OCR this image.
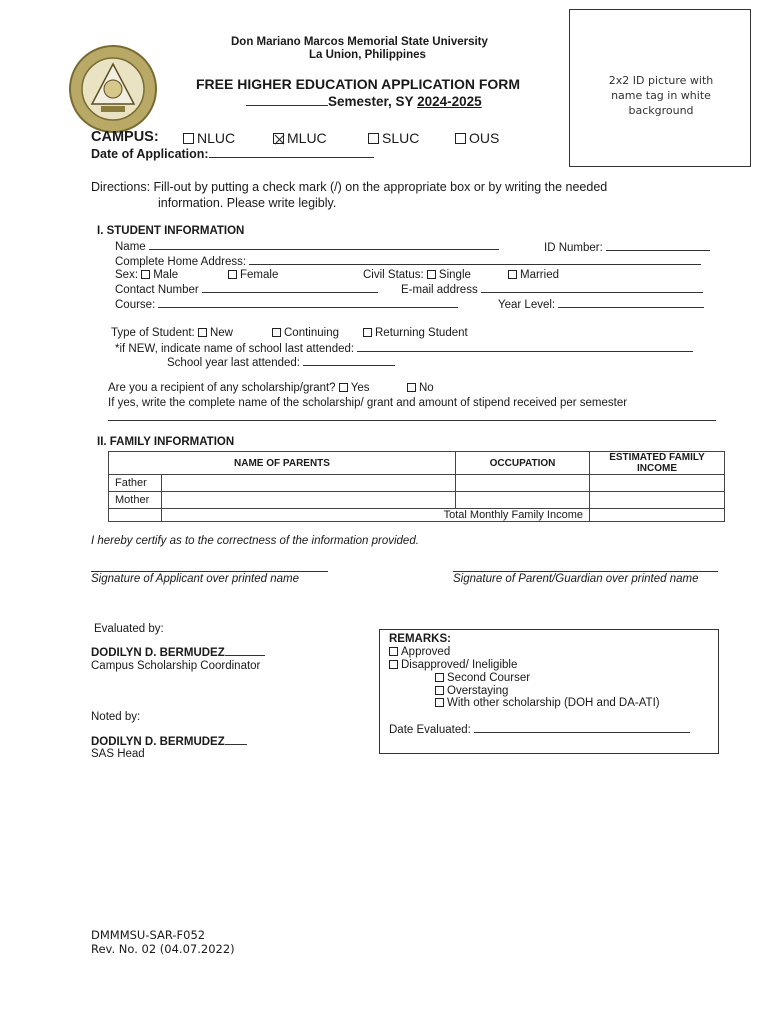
Don Mariano Marcos Memorial State University
La Union, Philippines
FREE HIGHER EDUCATION APPLICATION FORM
Semester, SY 2024-2025
2x2 ID picture with name tag in white background
CAMPUS:	NLUC	MLUC	SLUC	OUS
Date of Application:
Directions: Fill-out by putting a check mark (/) on the appropriate box or by writing the needed
information. Please write legibly.
I. STUDENT INFORMATION
Name	ID Number:
Complete Home Address:
Sex: Male	Female	Civil Status: Single	Married
Contact Number	E-mail address
Course:	Year Level:
Type of Student: New	Continuing	Returning Student
*if NEW, indicate name of school last attended:
School year last attended:
Are you a recipient of any scholarship/grant? Yes	No
If yes, write the complete name of the scholarship/ grant and amount of stipend received per semester
II. FAMILY INFORMATION
NAME OF PARENTS		OCCUPATION	ESTIMATED FAMILY INCOME
Father			
Mother			
	Total Monthly Family Income		
I hereby certify as to the correctness of the information provided.
Signature of Applicant over printed name	Signature of Parent/Guardian over printed name
Evaluated by:
DODILYN D. BERMUDEZ
Campus Scholarship Coordinator
Noted by:
DODILYN D. BERMUDEZ
SAS Head
REMARKS:
Approved
Disapproved/ Ineligible
Second Courser
Overstaying
With other scholarship (DOH and DA-ATI)
Date Evaluated:
DMMMSU-SAR-F052
Rev. No. 02 (04.07.2022)
